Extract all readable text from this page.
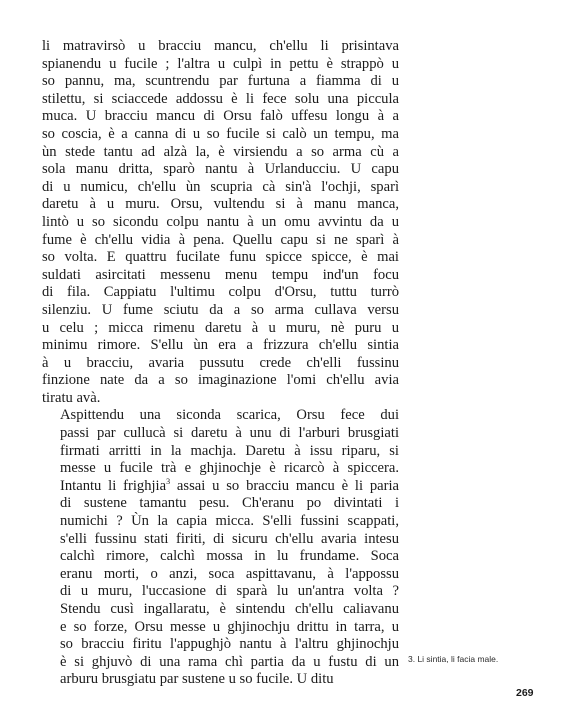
li matravirsò u bracciu mancu, ch'ellu li prisintava
spianendu u fucile ; l'altra u culpì in pettu è strappò u
so pannu, ma, scuntrendu par furtuna a fiamma di u
stilettu, si sciaccede addossu è li fece solu una piccula
muca. U bracciu mancu di Orsu falò uffesu longu à a
so coscia, è a canna di u so fucile si calò un tempu, ma
ùn stede tantu ad alzà la, è virsiendu a so arma cù a
sola manu dritta, sparò nantu à Urlanducciu. U capu
di u numicu, ch'ellu ùn scupria cà sin'à l'ochji, sparì
daretu à u muru. Orsu, vultendu si à manu manca,
lintò u so sicondu colpu nantu à un omu avvintu da u
fume è ch'ellu vidia à pena. Quellu capu si ne sparì à
so volta. E quattru fucilate funu spicce spicce, è mai
suldati asircitati messenu menu tempu ind'un focu
di fila. Cappiatu l'ultimu colpu d'Orsu, tuttu turrò
silenziu. U fume sciutu da a so arma cullava versu
u celu ; micca rimenu daretu à u muru, nè puru u
minimu rimore. S'ellu ùn era a frizzura ch'ellu sintia
à u bracciu, avaria pussutu crede ch'elli fussinu
finzione nate da a so imaginazione l'omi ch'ellu avia
tiratu avà.

Aspittendu una siconda scarica, Orsu fece dui
passi par cullucà si daretu à unu di l'arburi brusgiati
firmati arritti in la machja. Daretu à issu riparu, si
messe u fucile trà e ghjinochje è ricarcò à spiccera.
Intantu li frighjia$^3$ assai u so bracciu mancu è li paria
di sustene tamantu pesu. Ch'eranu po divintati i
numichi ? Ùn la capia micca. S'elli fussini scappati,
s'elli fussinu stati firiti, di sicuru ch'ellu avaria intesu
calchì rimore, calchì mossa in lu frundame. Soca
eranu morti, o anzi, soca aspittavanu, à l'appossu
di u muru, l'uccasione di sparà lu un'antra volta ?
Stendu cusì ingallaratu, è sintendu ch'ellu caliavanu
e so forze, Orsu messe u ghjinochju drittu in tarra, u
so bracciu firitu l'appughjò nantu à l'altru ghjinochju
è si ghjuvò di una rama chì partia da u fustu di un
arburu brusgiatu par sustene u so fucile. U ditu

3. Li sintia, li facia male.
269
